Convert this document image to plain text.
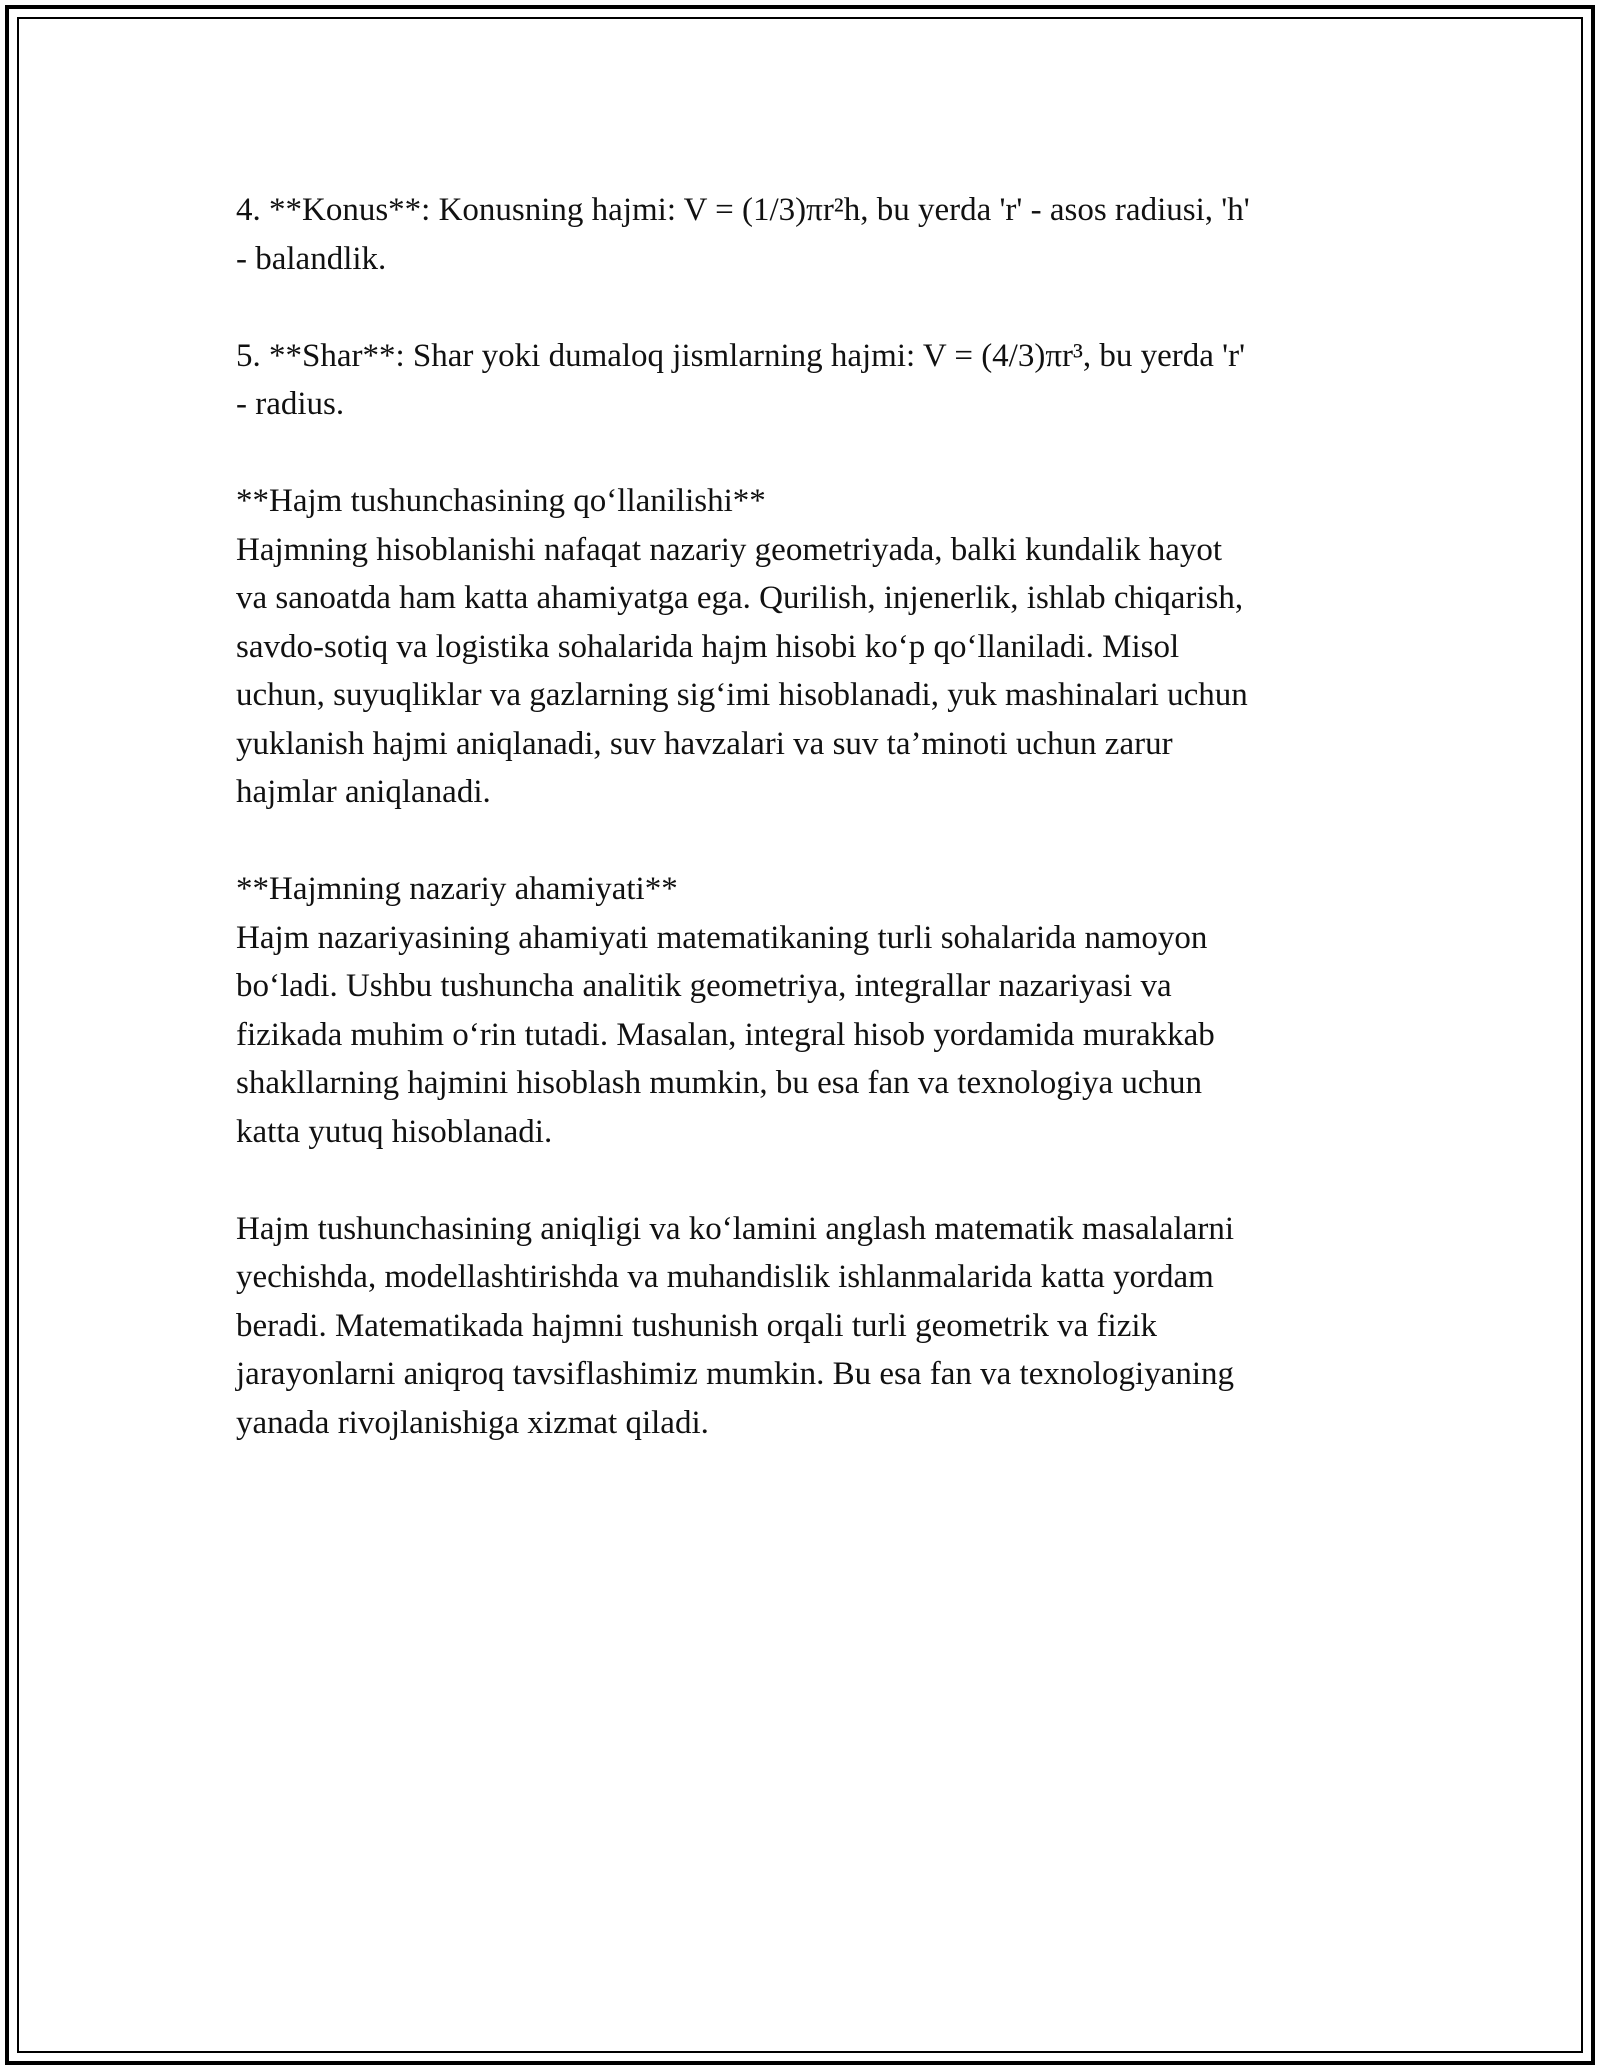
4. **Konus**: Konusning hajmi: V = (1/3)πr²h, bu yerda 'r' - asos radiusi, 'h'
- balandlik.
5. **Shar**: Shar yoki dumaloq jismlarning hajmi: V = (4/3)πr³, bu yerda 'r'
- radius.
**Hajm tushunchasining qo‘llanilishi**
Hajmning hisoblanishi nafaqat nazariy geometriyada, balki kundalik hayot
va sanoatda ham katta ahamiyatga ega. Qurilish, injenerlik, ishlab chiqarish,
savdo-sotiq va logistika sohalarida hajm hisobi ko‘p qo‘llaniladi. Misol
uchun, suyuqliklar va gazlarning sig‘imi hisoblanadi, yuk mashinalari uchun
yuklanish hajmi aniqlanadi, suv havzalari va suv ta’minoti uchun zarur
hajmlar aniqlanadi.
**Hajmning nazariy ahamiyati**
Hajm nazariyasining ahamiyati matematikaning turli sohalarida namoyon
bo‘ladi. Ushbu tushuncha analitik geometriya, integrallar nazariyasi va
fizikada muhim o‘rin tutadi. Masalan, integral hisob yordamida murakkab
shakllarning hajmini hisoblash mumkin, bu esa fan va texnologiya uchun
katta yutuq hisoblanadi.
Hajm tushunchasining aniqligi va ko‘lamini anglash matematik masalalarni
yechishda, modellashtirishda va muhandislik ishlanmalarida katta yordam
beradi. Matematikada hajmni tushunish orqali turli geometrik va fizik
jarayonlarni aniqroq tavsiflashimiz mumkin. Bu esa fan va texnologiyaning
yanada rivojlanishiga xizmat qiladi.
